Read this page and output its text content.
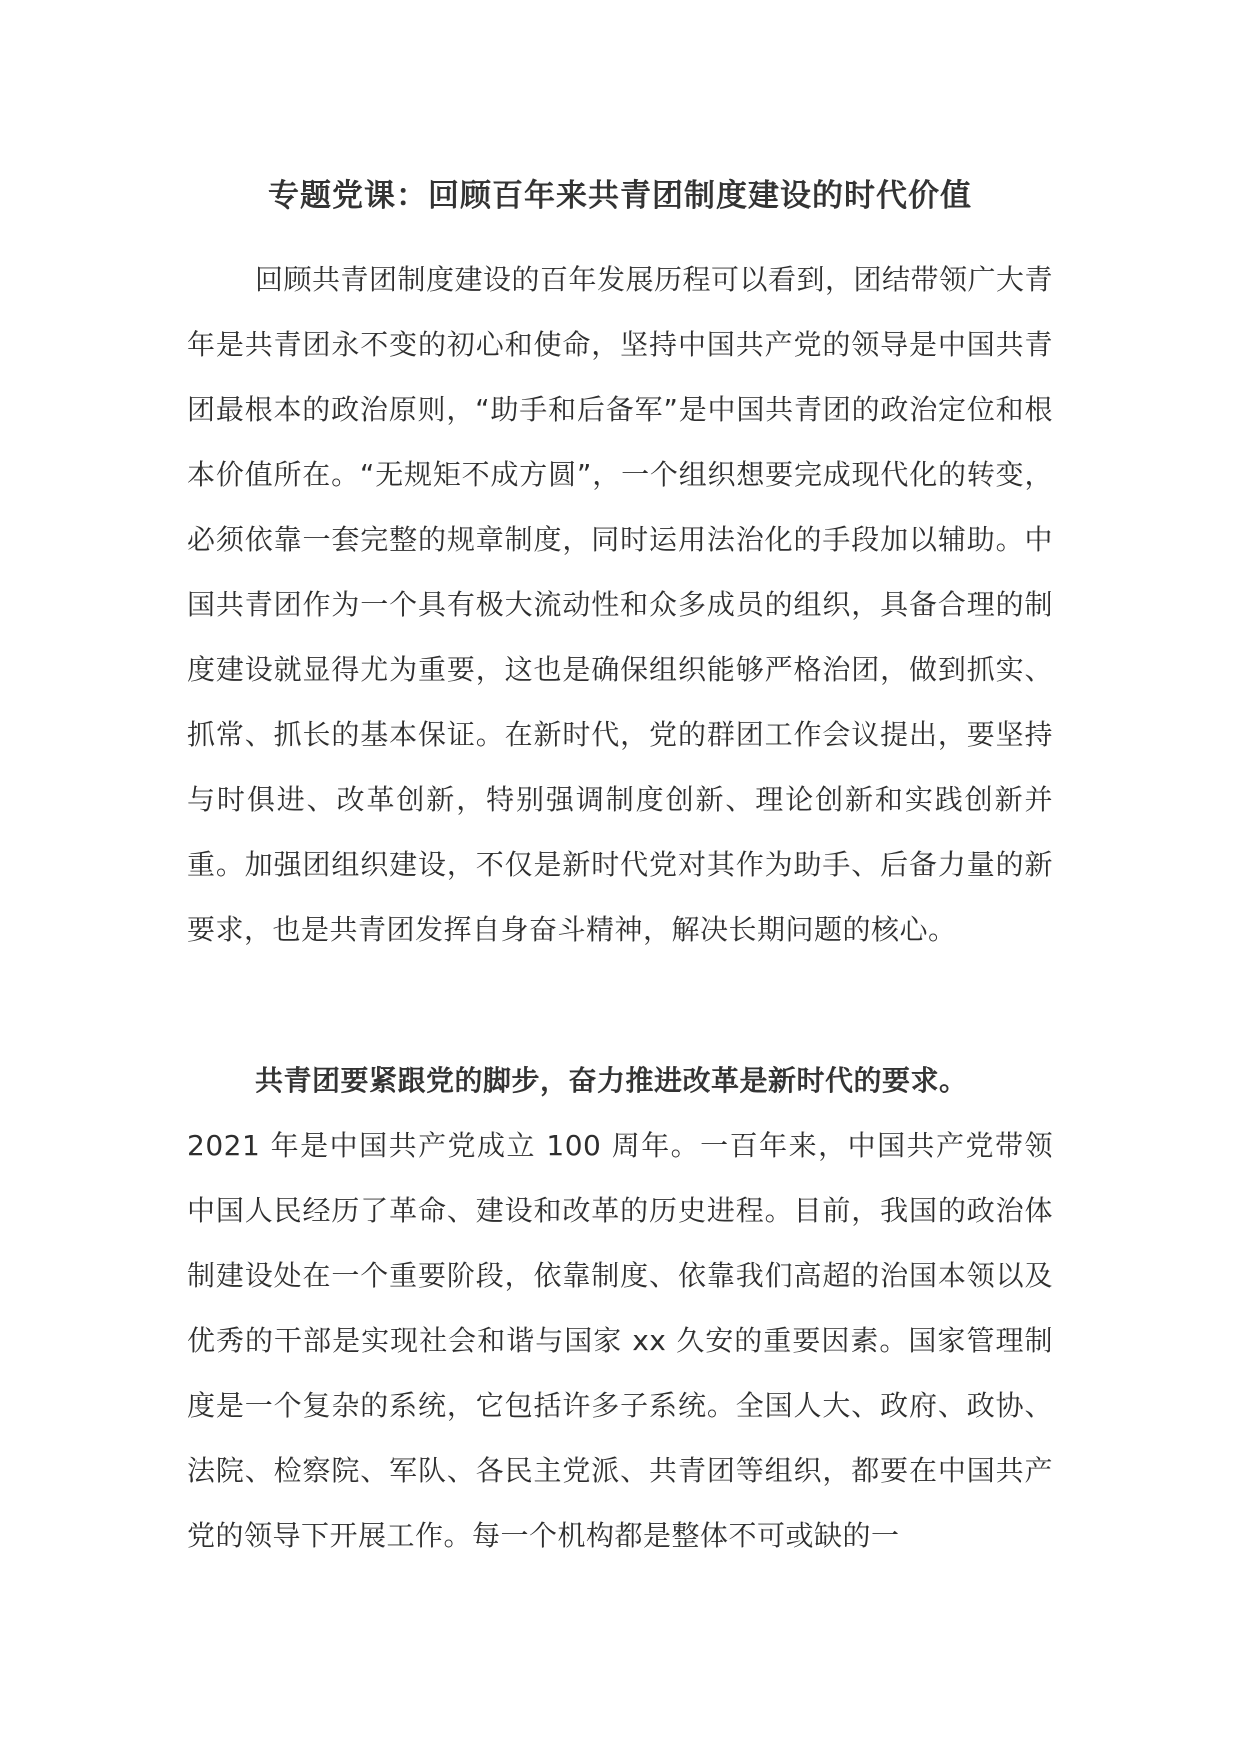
专题党课：回顾百年来共青团制度建设的时代价值

回顾共青团制度建设的百年发展历程可以看到，团结带领广大青年是共青团永不变的初心和使命，坚持中国共产党的领导是中国共青团最根本的政治原则，“助手和后备军”是中国共青团的政治定位和根本价值所在。“无规矩不成方圆”，一个组织想要完成现代化的转变，必须依靠一套完整的规章制度，同时运用法治化的手段加以辅助。中国共青团作为一个具有极大流动性和众多成员的组织，具备合理的制度建设就显得尤为重要，这也是确保组织能够严格治团，做到抓实、抓常、抓长的基本保证。在新时代，党的群团工作会议提出，要坚持与时俱进、改革创新，特别强调制度创新、理论创新和实践创新并重。加强团组织建设，不仅是新时代党对其作为助手、后备力量的新要求，也是共青团发挥自身奋斗精神，解决长期问题的核心。

共青团要紧跟党的脚步，奋力推进改革是新时代的要求。
2021 年是中国共产党成立 100 周年。一百年来，中国共产党带领中国人民经历了革命、建设和改革的历史进程。目前，我国的政治体制建设处在一个重要阶段，依靠制度、依靠我们高超的治国本领以及优秀的干部是实现社会和谐与国家 xx 久安的重要因素。国家管理制度是一个复杂的系统，它包括许多子系统。全国人大、政府、政协、法院、检察院、军队、各民主党派、共青团等组织，都要在中国共产党的领导下开展工作。每一个机构都是整体不可或缺的一
